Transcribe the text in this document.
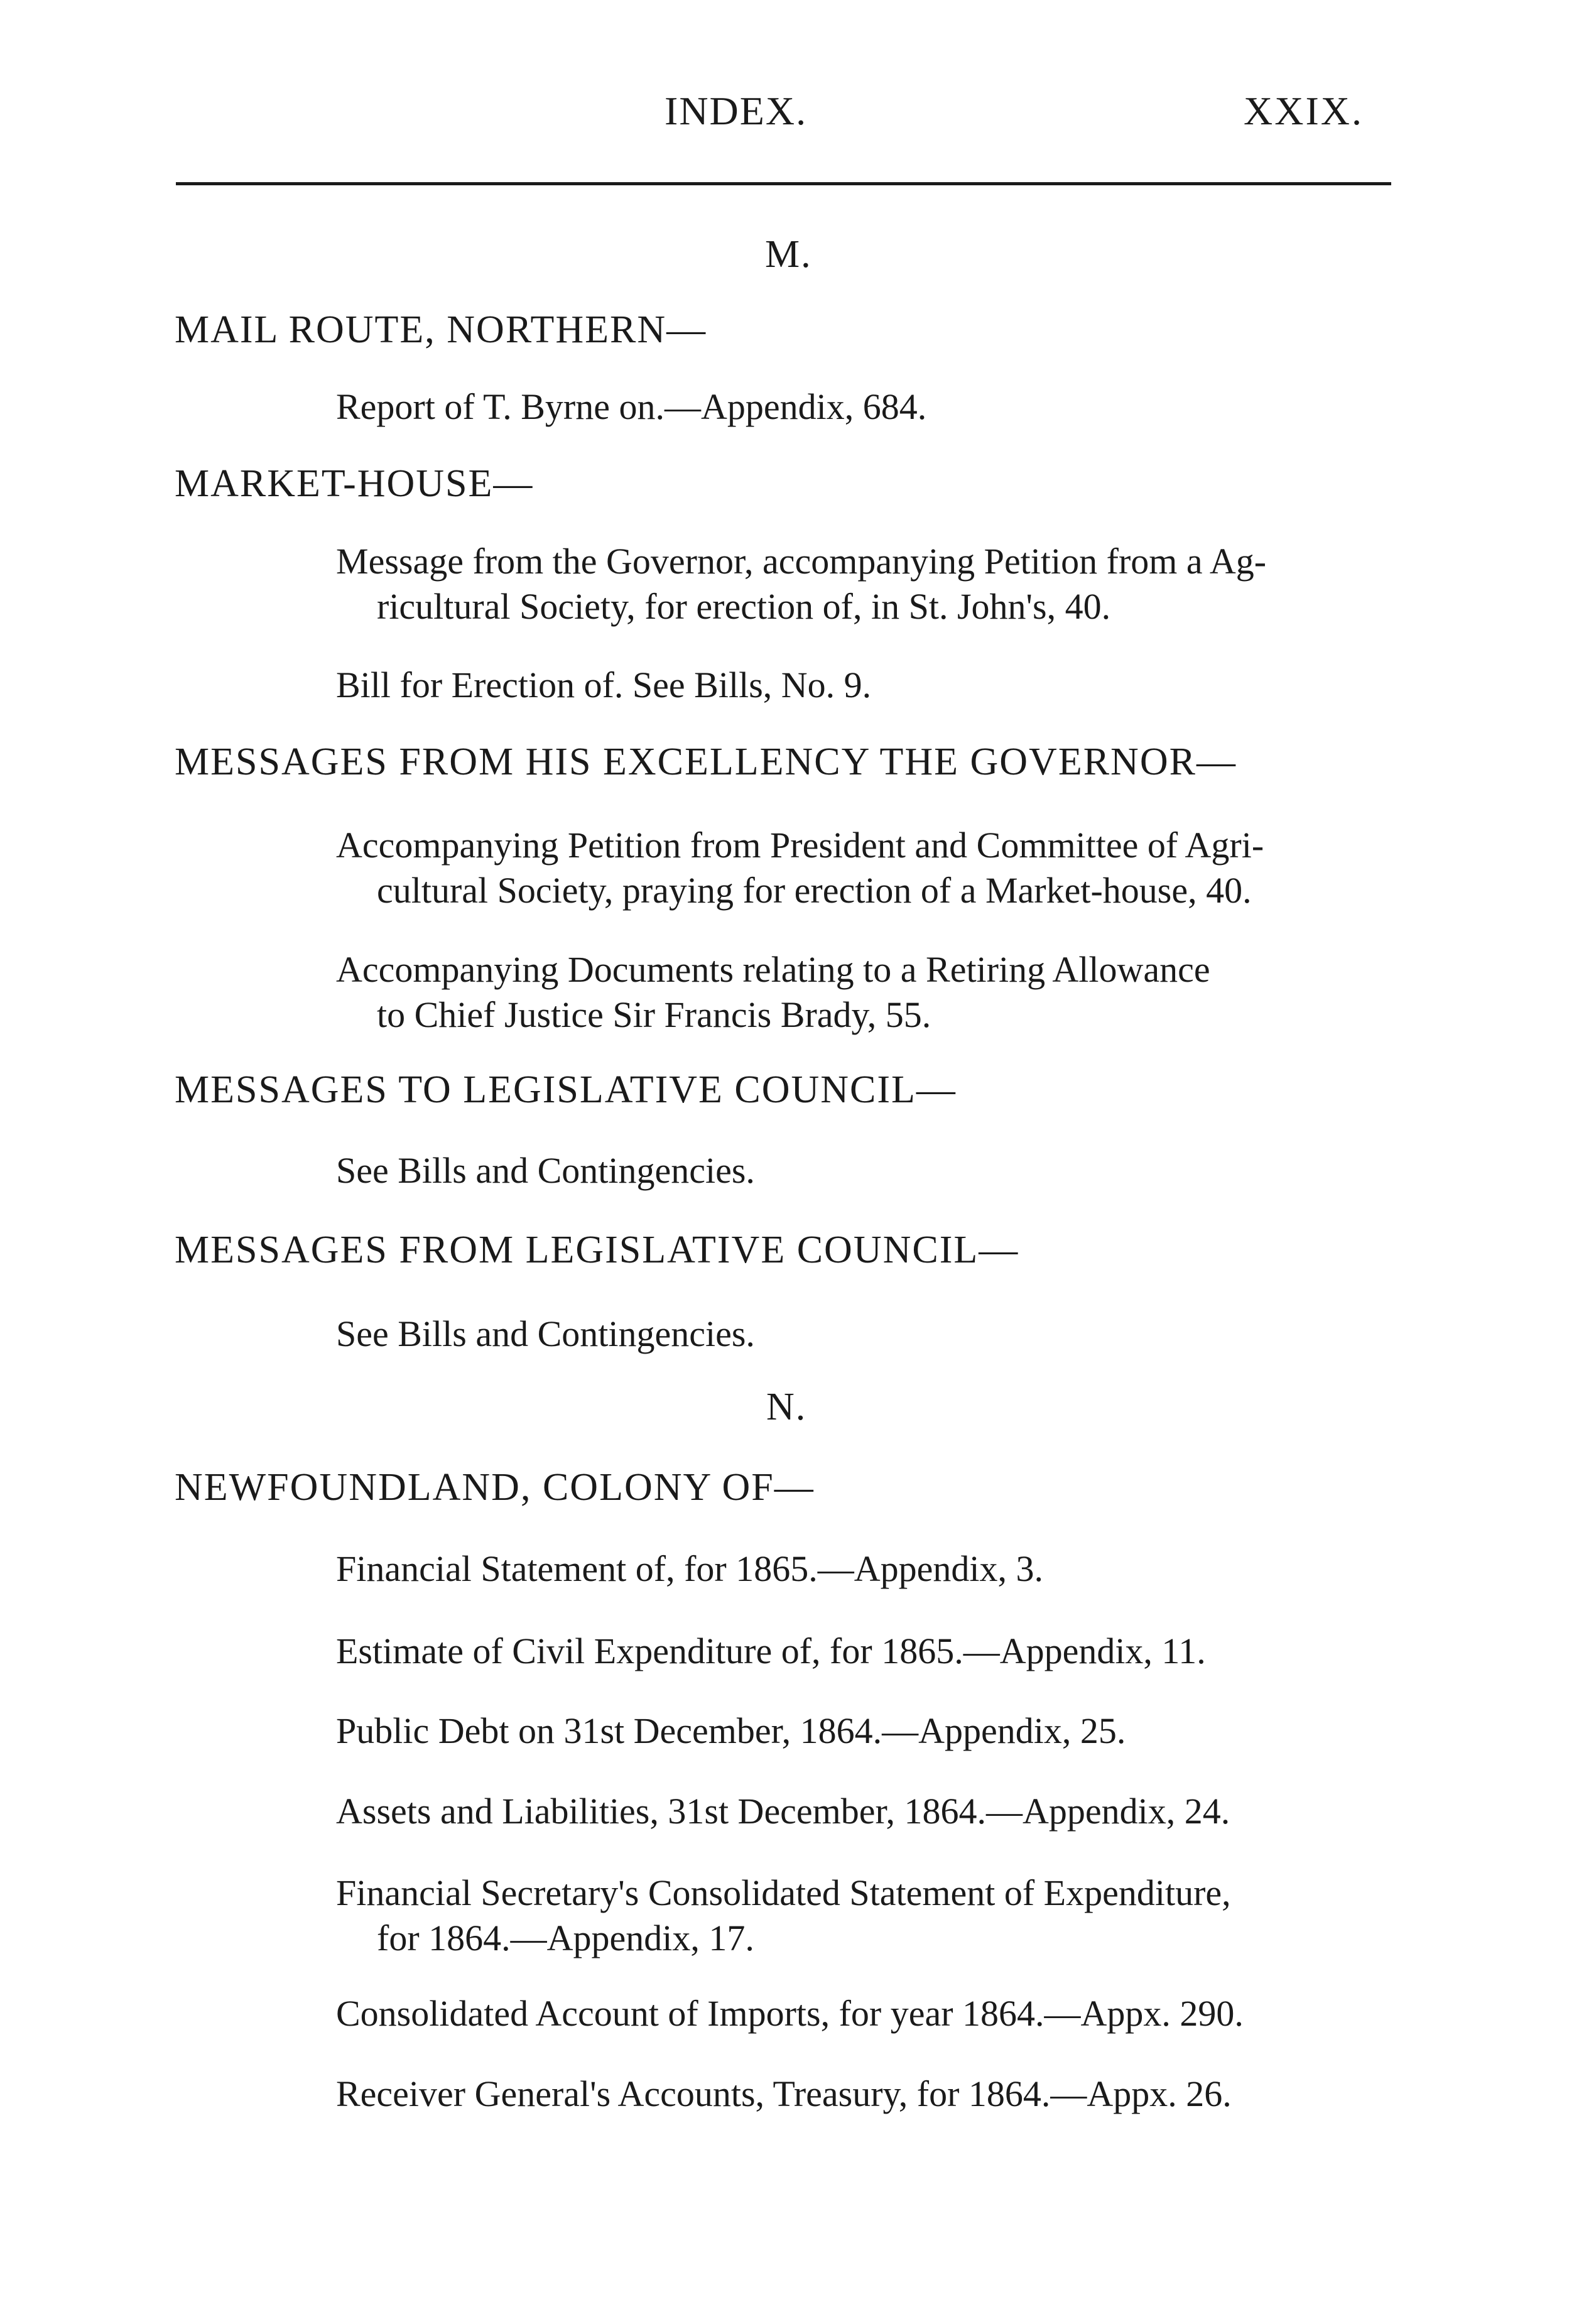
INDEX.	XXIX.
M.
MAIL ROUTE, NORTHERN—
Report of T. Byrne on.—Appendix, 684.
MARKET-HOUSE—
Message from the Governor, accompanying Petition from a Ag-
ricultural Society, for erection of, in St. John's, 40.
Bill for Erection of. See Bills, No. 9.
MESSAGES FROM HIS EXCELLENCY THE GOVERNOR—
Accompanying Petition from President and Committee of Agri-
cultural Society, praying for erection of a Market-house, 40.
Accompanying Documents relating to a Retiring Allowance
to Chief Justice Sir Francis Brady, 55.
MESSAGES TO LEGISLATIVE COUNCIL—
See Bills and Contingencies.
MESSAGES FROM LEGISLATIVE COUNCIL—
See Bills and Contingencies.
N.
NEWFOUNDLAND, COLONY OF—
Financial Statement of, for 1865.—Appendix, 3.
Estimate of Civil Expenditure of, for 1865.—Appendix, 11.
Public Debt on 31st December, 1864.—Appendix, 25.
Assets and Liabilities, 31st December, 1864.—Appendix, 24.
Financial Secretary's Consolidated Statement of Expenditure,
for 1864.—Appendix, 17.
Consolidated Account of Imports, for year 1864.—Appx. 290.
Receiver General's Accounts, Treasury, for 1864.—Appx. 26.
